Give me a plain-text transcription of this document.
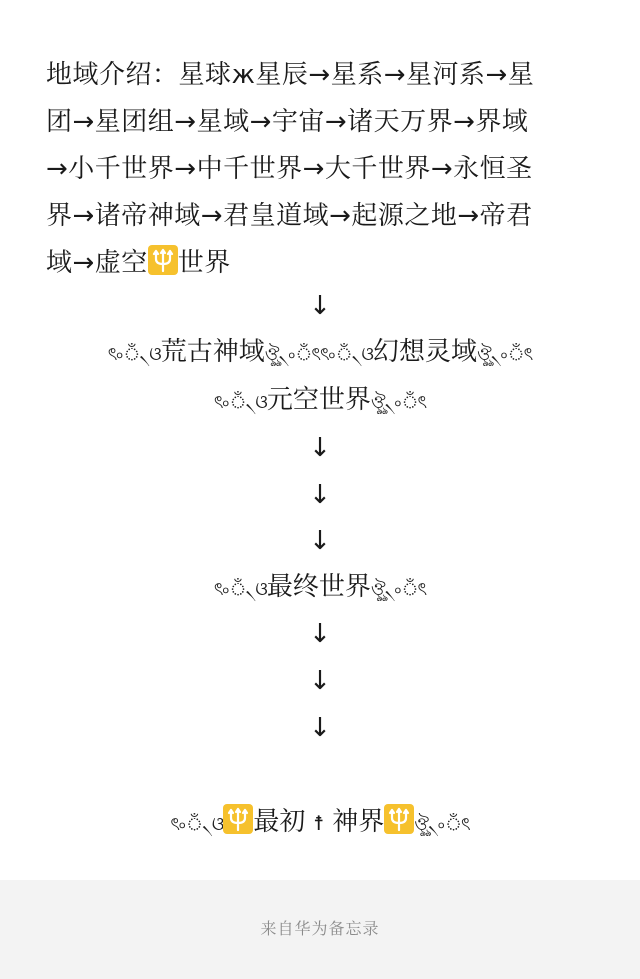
地域介绍：星球ж星辰→星系→星河系→星
团→星团组→星域→宇宙→诸天万界→界域
→小千世界→中千世界→大千世界→永恒圣
界→诸帝神域→君皇道域→起源之地→帝君
域→虚空 世界
↓
ৎ৹ঁ৲ଓ荒古神域ঔৣ৲৹ঁৎৎ৹ঁ৲ଓ幻想灵域ঔৣ৲৹ঁৎ
ৎ৹ঁ৲ଓ元空世界ঔৣ৲৹ঁৎ
↓
↓
↓
ৎ৹ঁ৲ଓ最终世界ঔৣ৲৹ঁৎ
↓
↓
↓
ৎ৹ঁ৲ଓ 最初 ☨ 神界 ঔৣ৲৹ঁৎ
来自华为备忘录
